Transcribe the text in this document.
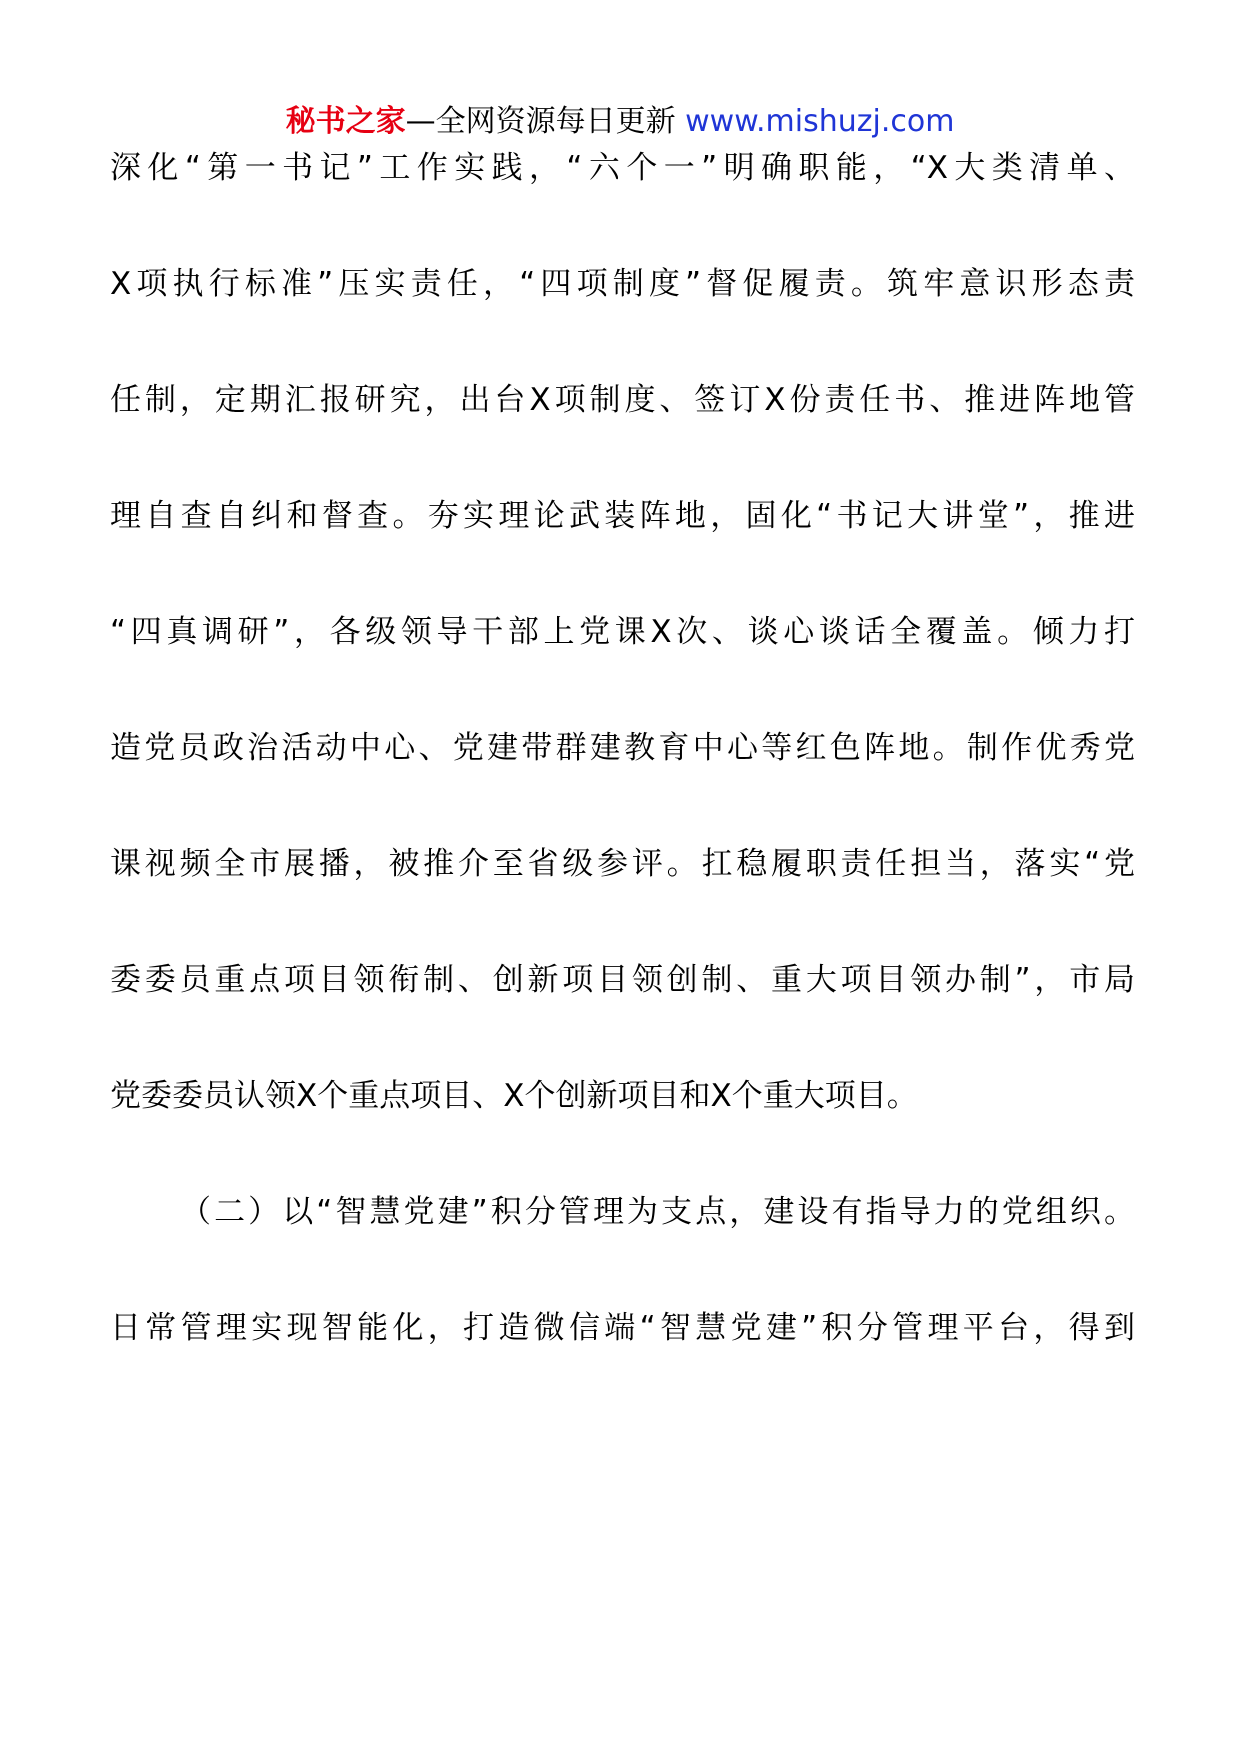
秘书之家—全网资源每日更新 www.mishuzj.com
深化“第一书记”工作实践，“六个一”明确职能，“X大类清单、
X项执行标准”压实责任，“四项制度”督促履责。筑牢意识形态责
任制，定期汇报研究，出台X项制度、签订X份责任书、推进阵地管
理自查自纠和督查。夯实理论武装阵地，固化“书记大讲堂”，推进
“四真调研”，各级领导干部上党课X次、谈心谈话全覆盖。倾力打
造党员政治活动中心、党建带群建教育中心等红色阵地。制作优秀党
课视频全市展播，被推介至省级参评。扛稳履职责任担当，落实“党
委委员重点项目领衔制、创新项目领创制、重大项目领办制”，市局
党委委员认领X个重点项目、X个创新项目和X个重大项目。
（二）以“智慧党建”积分管理为支点，建设有指导力的党组织。
日常管理实现智能化，打造微信端“智慧党建”积分管理平台，得到
